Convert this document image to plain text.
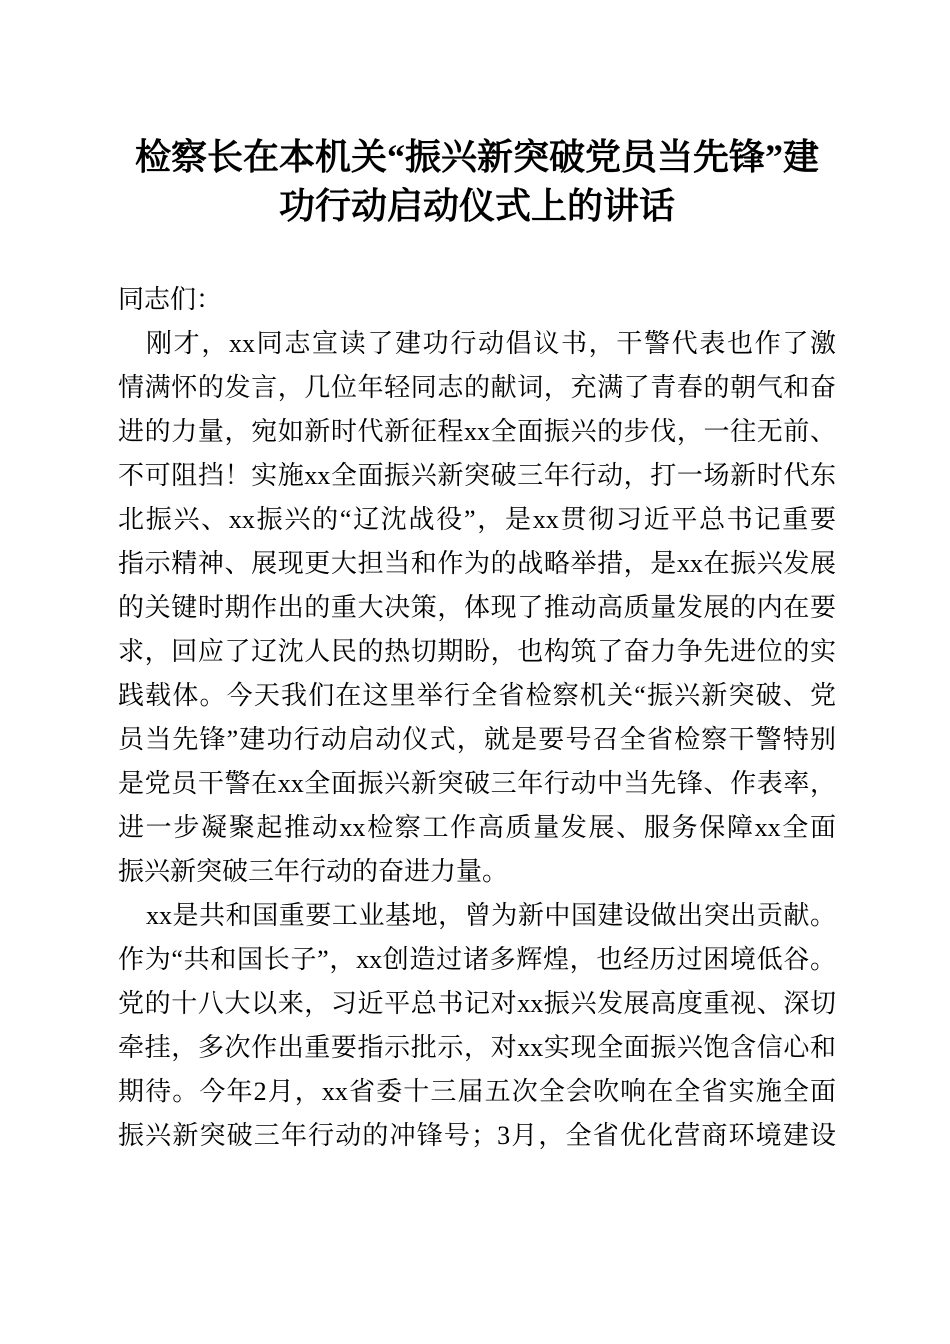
检察长在本机关“振兴新突破党员当先锋”建
功行动启动仪式上的讲话
同志们：
刚才，xx同志宣读了建功行动倡议书，干警代表也作了激
情满怀的发言，几位年轻同志的献词，充满了青春的朝气和奋
进的力量，宛如新时代新征程xx全面振兴的步伐，一往无前、
不可阻挡！实施xx全面振兴新突破三年行动，打一场新时代东
北振兴、xx振兴的“辽沈战役”，是xx贯彻习近平总书记重要
指示精神、展现更大担当和作为的战略举措，是xx在振兴发展
的关键时期作出的重大决策，体现了推动高质量发展的内在要
求，回应了辽沈人民的热切期盼，也构筑了奋力争先进位的实
践载体。今天我们在这里举行全省检察机关“振兴新突破、党
员当先锋”建功行动启动仪式，就是要号召全省检察干警特别
是党员干警在xx全面振兴新突破三年行动中当先锋、作表率，
进一步凝聚起推动xx检察工作高质量发展、服务保障xx全面
振兴新突破三年行动的奋进力量。
xx是共和国重要工业基地，曾为新中国建设做出突出贡献。
作为“共和国长子”，xx创造过诸多辉煌，也经历过困境低谷。
党的十八大以来，习近平总书记对xx振兴发展高度重视、深切
牵挂，多次作出重要指示批示，对xx实现全面振兴饱含信心和
期待。今年2月，xx省委十三届五次全会吹响在全省实施全面
振兴新突破三年行动的冲锋号；3月，全省优化营商环境建设
